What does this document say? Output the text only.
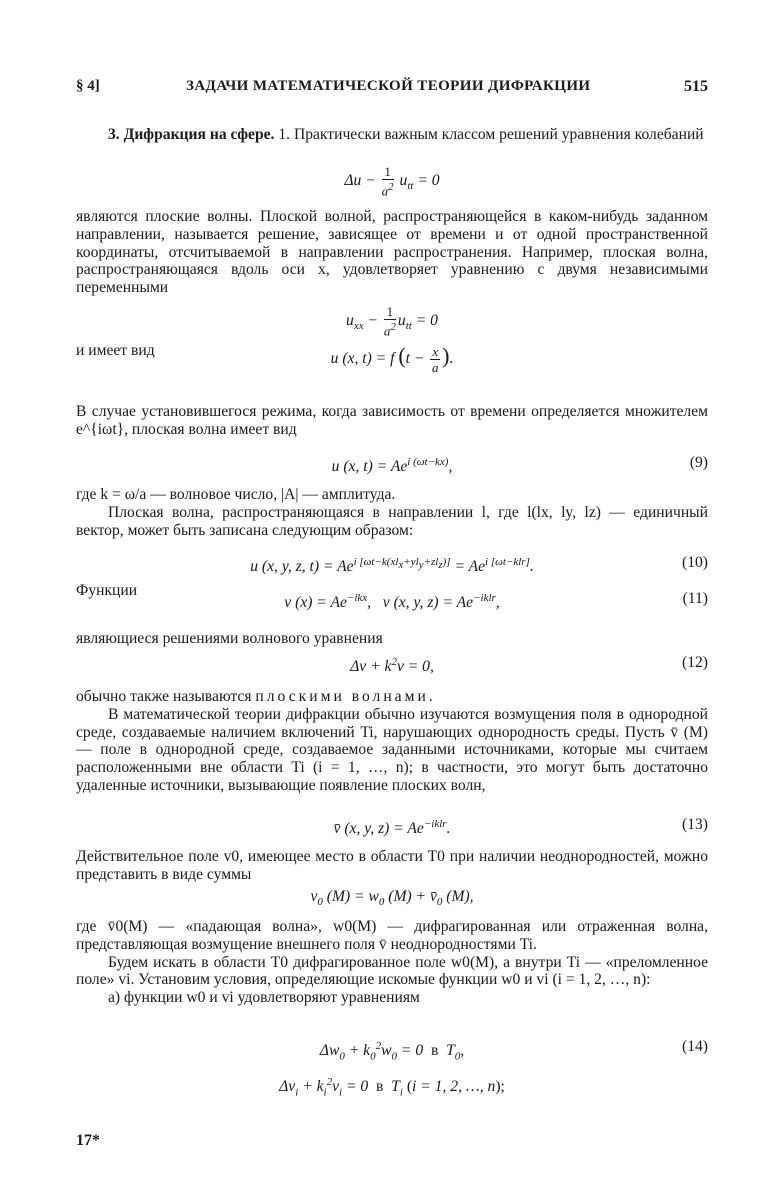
§ 4]	ЗАДАЧИ МАТЕМАТИЧЕСКОЙ ТЕОРИИ ДИФРАКЦИИ	515

3. Дифракция на сфере. 1. Практически важным классом решений уравнения колебаний

$\Delta u - \frac{1}{a^2} u_{tt} = 0$

являются плоские волны. Плоской волной, распространяющейся в каком-нибудь заданном направлении, называется решение, зависящее от времени и от одной пространственной координаты, отсчитываемой в направлении распространения. Например, плоская волна, распространяющаяся вдоль оси x, удовлетворяет уравнению с двумя независимыми переменными

$u_{xx} - \frac{1}{a^2} u_{tt} = 0$

и имеет вид	u (x, t) = f ($t - \frac{x}{a}$ ).

В случае установившегося режима, когда зависимость от времени определяется множителем e^{iωt}, плоская волна имеет вид

u (x, $t) = Ae^{i (\omega t-kx)}$,	(9)

где k = ω/a — волновое число, |A| — амплитуда.

Плоская волна, распространяющаяся в направлении l, где l(lx, ly, lz) — единичный вектор, может быть записана следующим образом:

u (x, y, z, $t) = Ae^{i [\omega t-k(xl_x+yl_y+zl_z)]} = Ae^{i [\omega t-klr]}$.	(10)

Функции

v $(x) = Ae^{-ikx}$,   v (x, y, $z) = Ae^{-iklr}$,	(11)

являющиеся решениями волнового уравнения

$\Delta v + k^2v = 0$,	(12)

обычно также называются плоскими волнами.

В математической теории дифракции обычно изучаются возмущения поля в однородной среде, создаваемые наличием включений Ti, нарушающих однородность среды. Пусть v̄ (M) — поле в однородной среде, создаваемое заданными источниками, которые мы считаем расположенными вне области Ti (i = 1, …, n); в частности, это могут быть достаточно удаленные источники, вызывающие появление плоских волн,

v̄ (x, y, $z) = Ae^{-iklr}$.	(13)

Действительное поле v0, имеющее место в области T0 при наличии неоднородностей, можно представить в виде суммы

$v_0$ $(M) = w_0$ $(M) + v̄_0$ (M),

где v̄0(M) — «падающая волна», w0(M) — дифрагированная или отраженная волна, представляющая возмущение внешнего поля v̄ неоднородностями Ti.

Будем искать в области T0 дифрагированное поле w0(M), а внутри Ti — «преломленное поле» vi. Установим условия, определяющие искомые функции w0 и vi (i = 1, 2, …, n):

а) функции w0 и vi удовлетворяют уравнениям

$\Delta w_0 + k_0^2w_0 = 0$  в  $T_0$,	(14)
$\Delta v_i + k_i^2v_i = 0$  в  $T_i$ (i = 1, 2, …, n);
17*
